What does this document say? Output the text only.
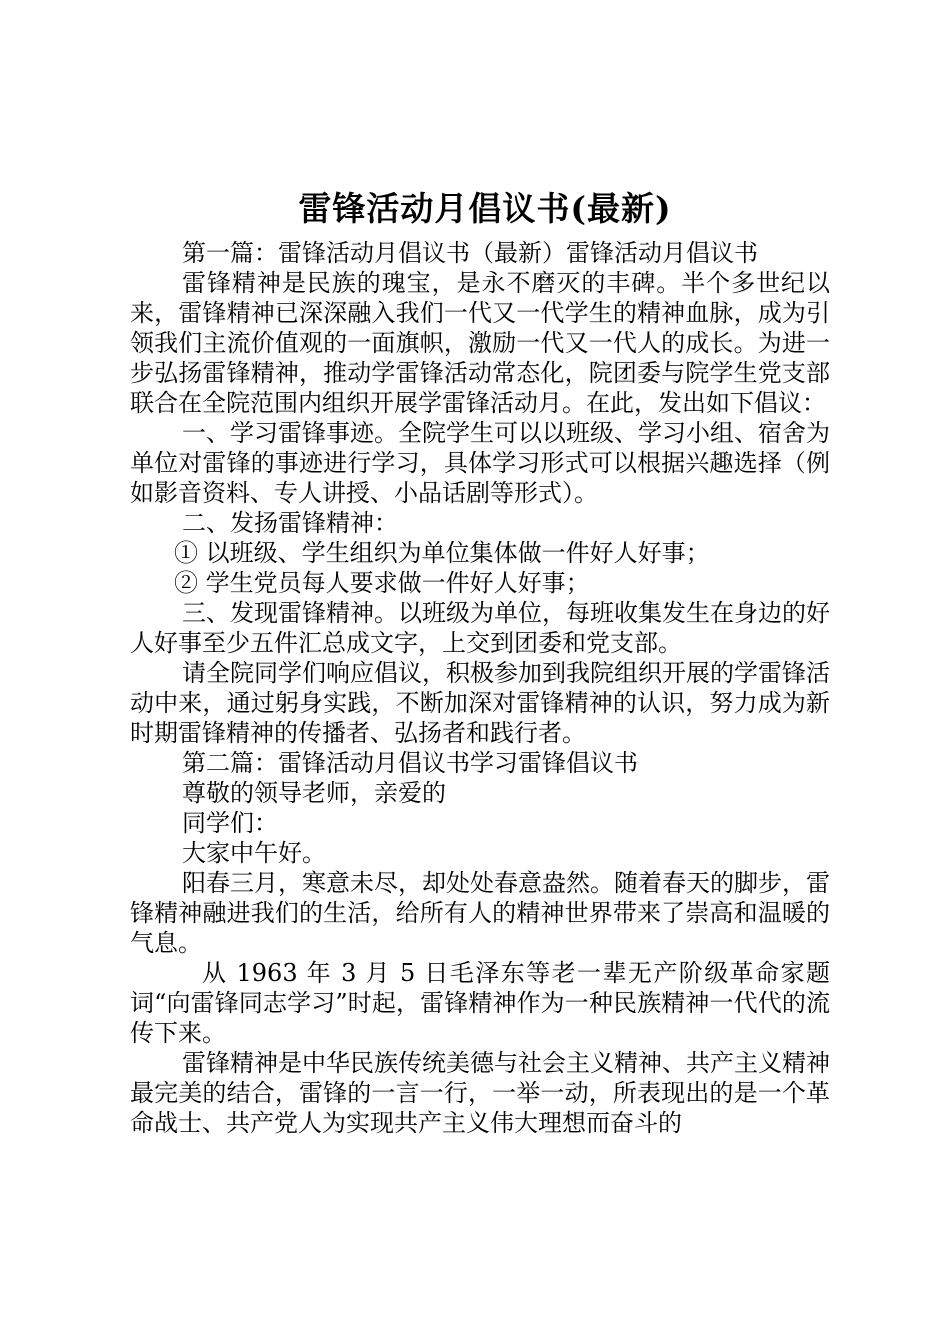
雷锋活动月倡议书(最新)

第一篇：雷锋活动月倡议书（最新）雷锋活动月倡议书

雷锋精神是民族的瑰宝，是永不磨灭的丰碑。半个多世纪以来，雷锋精神已深深融入我们一代又一代学生的精神血脉，成为引领我们主流价值观的一面旗帜，激励一代又一代人的成长。为进一步弘扬雷锋精神，推动学雷锋活动常态化，院团委与院学生党支部联合在全院范围内组织开展学雷锋活动月。在此，发出如下倡议：

一、学习雷锋事迹。全院学生可以以班级、学习小组、宿舍为单位对雷锋的事迹进行学习，具体学习形式可以根据兴趣选择（例如影音资料、专人讲授、小品话剧等形式）。

二、发扬雷锋精神：

① 以班级、学生组织为单位集体做一件好人好事；

② 学生党员每人要求做一件好人好事；

三、发现雷锋精神。以班级为单位，每班收集发生在身边的好人好事至少五件汇总成文字，上交到团委和党支部。

请全院同学们响应倡议，积极参加到我院组织开展的学雷锋活动中来，通过躬身实践，不断加深对雷锋精神的认识，努力成为新时期雷锋精神的传播者、弘扬者和践行者。

第二篇：雷锋活动月倡议书学习雷锋倡议书

尊敬的领导老师，亲爱的

同学们：

大家中午好。

阳春三月，寒意未尽，却处处春意盎然。随着春天的脚步，雷锋精神融进我们的生活，给所有人的精神世界带来了崇高和温暖的气息。

从 1963 年 3 月 5 日毛泽东等老一辈无产阶级革命家题词“向雷锋同志学习”时起，雷锋精神作为一种民族精神一代代的流传下来。

雷锋精神是中华民族传统美德与社会主义精神、共产主义精神最完美的结合，雷锋的一言一行，一举一动，所表现出的是一个革命战士、共产党人为实现共产主义伟大理想而奋斗的
